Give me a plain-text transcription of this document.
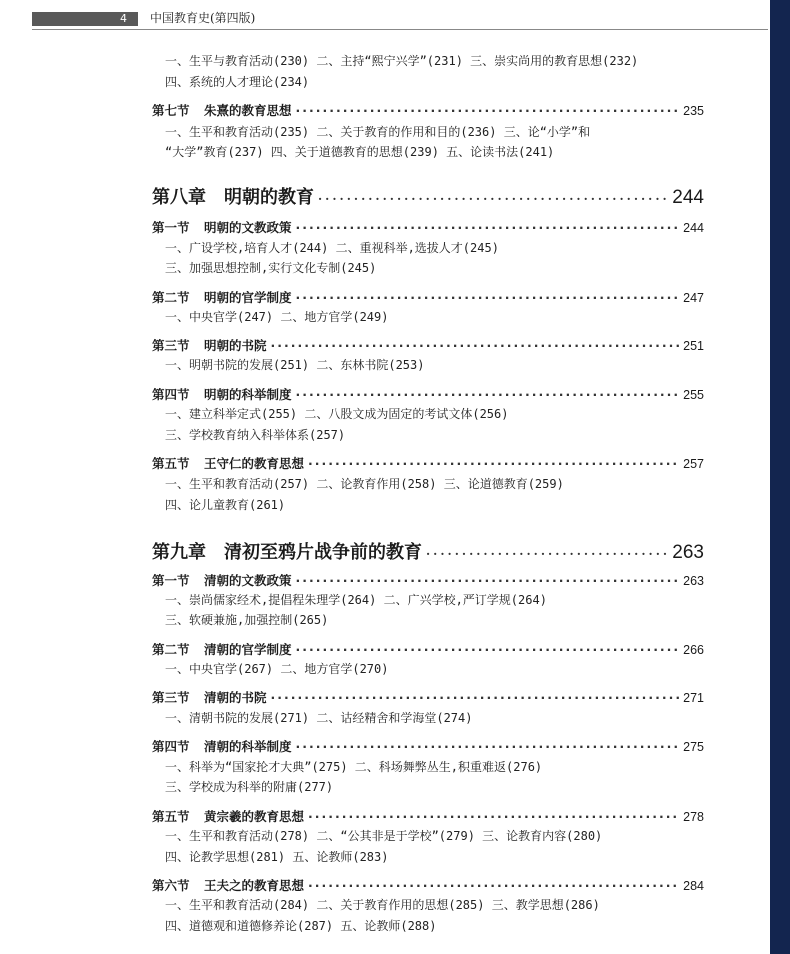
4 中国教育史(第四版)
一、生平与教育活动(230) 二、主持“熙宁兴学”(231) 三、崇实尚用的教育思想(232)
四、系统的人才理论(234)
第七节	朱熹的教育思想 ·····	235
一、生平和教育活动(235) 二、关于教育的作用和目的(236) 三、论“小学”和
“大学”教育(237) 四、关于道德教育的思想(239) 五、论读书法(241)
第八章 明朝的教育 ·····	244
第一节	明朝的文教政策 ·····	244
一、广设学校,培育人才(244) 二、重视科举,选拔人才(245)
三、加强思想控制,实行文化专制(245)
第二节	明朝的官学制度 ·····	247
一、中央官学(247) 二、地方官学(249)
第三节	明朝的书院 ·····	251
一、明朝书院的发展(251) 二、东林书院(253)
第四节	明朝的科举制度 ·····	255
一、建立科举定式(255) 二、八股文成为固定的考试文体(256)
三、学校教育纳入科举体系(257)
第五节	王守仁的教育思想 ·····	257
一、生平和教育活动(257) 二、论教育作用(258) 三、论道德教育(259)
四、论儿童教育(261)
第九章 清初至鸦片战争前的教育 ·····	263
第一节	清朝的文教政策 ·····	263
一、崇尚儒家经术,提倡程朱理学(264) 二、广兴学校,严订学规(264)
三、软硬兼施,加强控制(265)
第二节	清朝的官学制度 ·····	266
一、中央官学(267) 二、地方官学(270)
第三节	清朝的书院 ·····	271
一、清朝书院的发展(271) 二、诂经精舍和学海堂(274)
第四节	清朝的科举制度 ·····	275
一、科举为“国家抡才大典”(275) 二、科场舞弊丛生,积重难返(276)
三、学校成为科举的附庸(277)
第五节	黄宗羲的教育思想 ·····	278
一、生平和教育活动(278) 二、“公其非是于学校”(279) 三、论教育内容(280)
四、论教学思想(281) 五、论教师(283)
第六节	王夫之的教育思想 ·····	284
一、生平和教育活动(284) 二、关于教育作用的思想(285) 三、教学思想(286)
四、道德观和道德修养论(287) 五、论教师(288)
